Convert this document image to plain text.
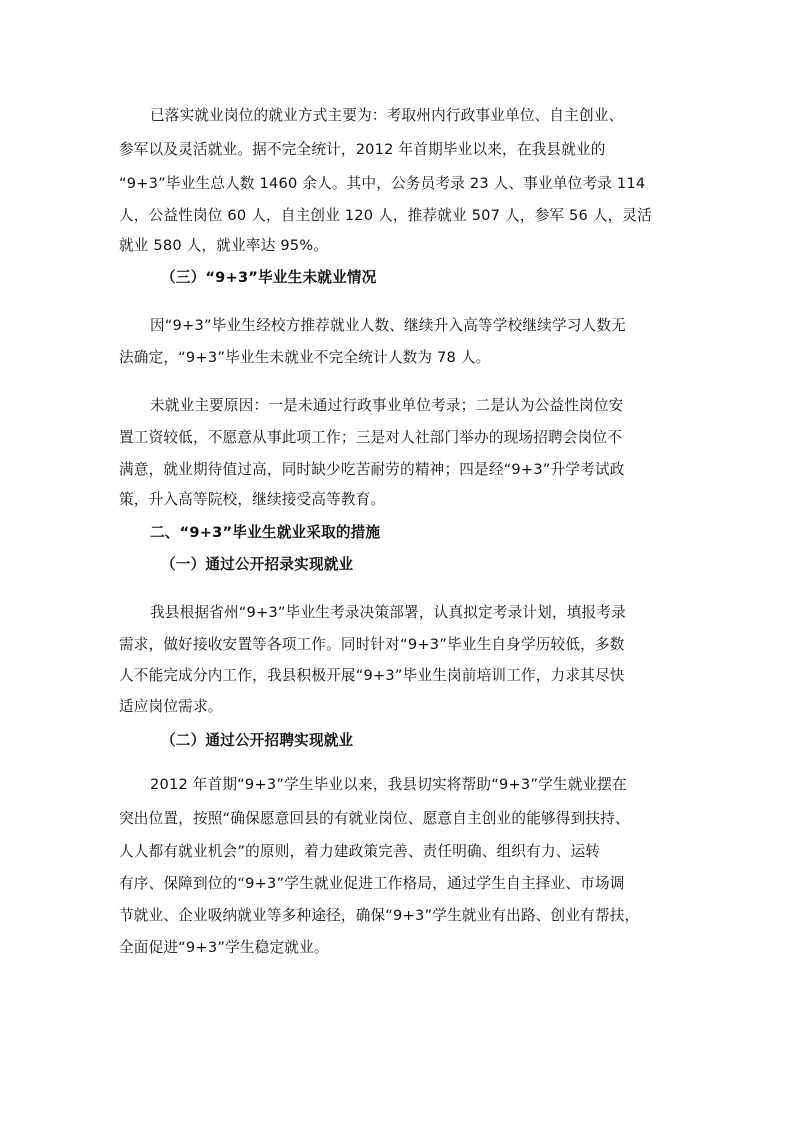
已落实就业岗位的就业方式主要为：考取州内行政事业单位、自主创业、
参军以及灵活就业。据不完全统计，2012 年首期毕业以来，在我县就业的
“9+3”毕业生总人数 1460 余人。其中，公务员考录 23 人、事业单位考录 114
人，公益性岗位 60 人，自主创业 120 人，推荐就业 507 人，参军 56 人，灵活
就业 580 人，就业率达 95%。
（三）“9+3”毕业生未就业情况
因“9+3”毕业生经校方推荐就业人数、继续升入高等学校继续学习人数无
法确定，“9+3”毕业生未就业不完全统计人数为 78 人。
未就业主要原因：一是未通过行政事业单位考录；二是认为公益性岗位安
置工资较低，不愿意从事此项工作；三是对人社部门举办的现场招聘会岗位不
满意，就业期待值过高，同时缺少吃苦耐劳的精神；四是经“9+3”升学考试政
策，升入高等院校，继续接受高等教育。
二、“9+3”毕业生就业采取的措施
（一）通过公开招录实现就业
我县根据省州“9+3”毕业生考录决策部署，认真拟定考录计划，填报考录
需求，做好接收安置等各项工作。同时针对“9+3”毕业生自身学历较低，多数
人不能完成分内工作，我县积极开展“9+3”毕业生岗前培训工作，力求其尽快
适应岗位需求。
（二）通过公开招聘实现就业
2012 年首期“9+3”学生毕业以来，我县切实将帮助“9+3”学生就业摆在
突出位置，按照“确保愿意回县的有就业岗位、愿意自主创业的能够得到扶持、
人人都有就业机会”的原则，着力建政策完善、责任明确、组织有力、运转
有序、保障到位的“9+3”学生就业促进工作格局，通过学生自主择业、市场调
节就业、企业吸纳就业等多种途径，确保“9+3”学生就业有出路、创业有帮扶，
全面促进“9+3”学生稳定就业。
